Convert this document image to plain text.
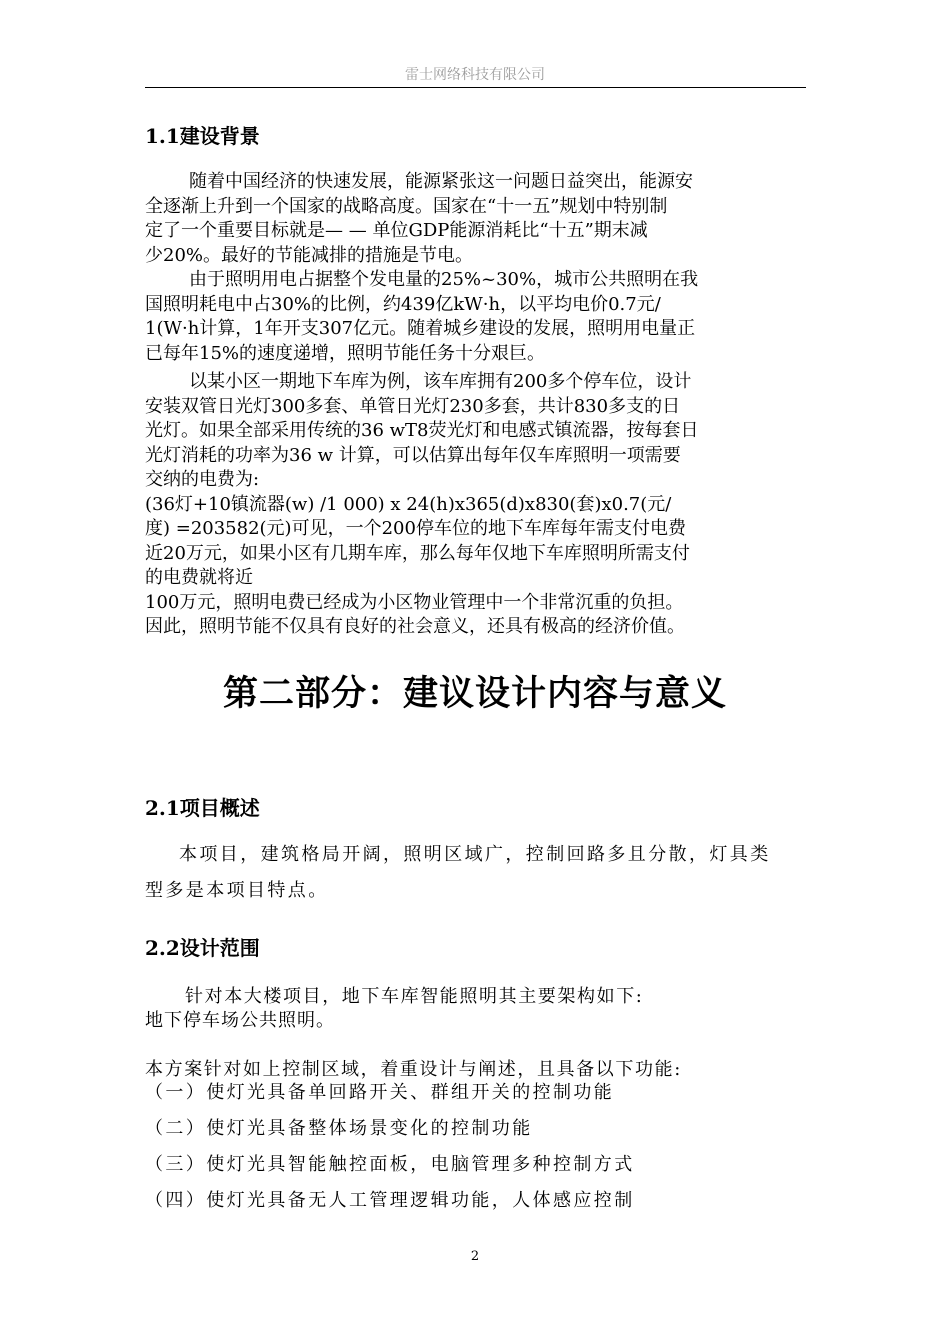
雷士网络科技有限公司
1.1建设背景
随着中国经济的快速发展，能源紧张这一问题日益突出，能源安
全逐渐上升到一个国家的战略高度。国家在“十一五”规划中特别制
定了一个重要目标就是— — 单位GDP能源消耗比“十五”期末减
少20%。最好的节能减排的措施是节电。
由于照明用电占据整个发电量的25%~30%，城市公共照明在我
国照明耗电中占30%的比例，约439亿kW·h，以平均电价0.7元/
1(W·h计算，1年开支307亿元。随着城乡建设的发展，照明用电量正
已每年15%的速度递增，照明节能任务十分艰巨。
以某小区一期地下车库为例，该车库拥有200多个停车位，设计
安装双管日光灯300多套、单管日光灯230多套，共计830多支的日
光灯。如果全部采用传统的36 wT8荧光灯和电感式镇流器，按每套日
光灯消耗的功率为36 w 计算，可以估算出每年仅车库照明一项需要
交纳的电费为:
(36灯+10镇流器(w) /1 000) x 24(h)x365(d)x830(套)x0.7(元/
度) =203582(元)可见，一个200停车位的地下车库每年需支付电费
近20万元，如果小区有几期车库，那么每年仅地下车库照明所需支付
的电费就将近
100万元，照明电费已经成为小区物业管理中一个非常沉重的负担。
因此，照明节能不仅具有良好的社会意义，还具有极高的经济价值。
第二部分：建议设计内容与意义
2.1项目概述
本项目，建筑格局开阔，照明区域广，控制回路多且分散，灯具类
型多是本项目特点。
2.2设计范围
针对本大楼项目，地下车库智能照明其主要架构如下:
地下停车场公共照明。
本方案针对如上控制区域，着重设计与阐述，且具备以下功能:
（一）使灯光具备单回路开关、群组开关的控制功能
（二）使灯光具备整体场景变化的控制功能
（三）使灯光具智能触控面板，电脑管理多种控制方式
（四）使灯光具备无人工管理逻辑功能，人体感应控制
2
